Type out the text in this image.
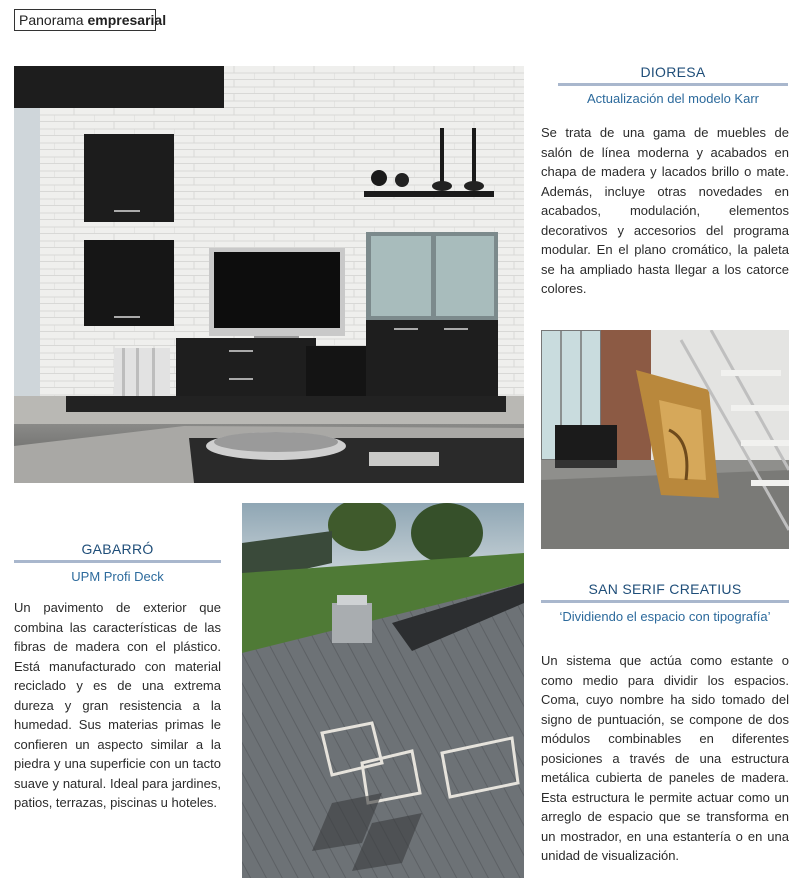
Panorama empresarial
DIORESA
Actualización del modelo Karr
Se trata de una gama de muebles de salón de línea moderna y acabados en chapa de madera y lacados brillo o mate. Además, incluye otras novedades en acabados, modulación, elementos decorativos y accesorios del programa modular. En el plano cromático, la paleta se ha ampliado hasta llegar a los catorce colores.
GABARRÓ
UPM Profi Deck
Un pavimento de exterior que combina las características de las fibras de madera con el plástico. Está manufacturado con material reciclado y es de una extrema dureza y gran resistencia a la humedad. Sus materias primas le confieren un aspecto similar a la piedra y una superficie con un tacto suave y natural. Ideal para jardines, patios, terrazas, piscinas u hoteles.
SAN SERIF CREATIUS
‘Dividiendo el espacio con tipografía’
Un sistema que actúa como estante o como medio para dividir los espacios. Coma, cuyo nombre ha sido tomado del signo de puntuación, se compone de dos módulos combinables en diferentes posiciones a través de una estructura metálica cubierta de paneles de madera. Esta estructura le permite actuar como un arreglo de espacio que se transforma en un mostrador, en una estantería o en una unidad de visualización.
